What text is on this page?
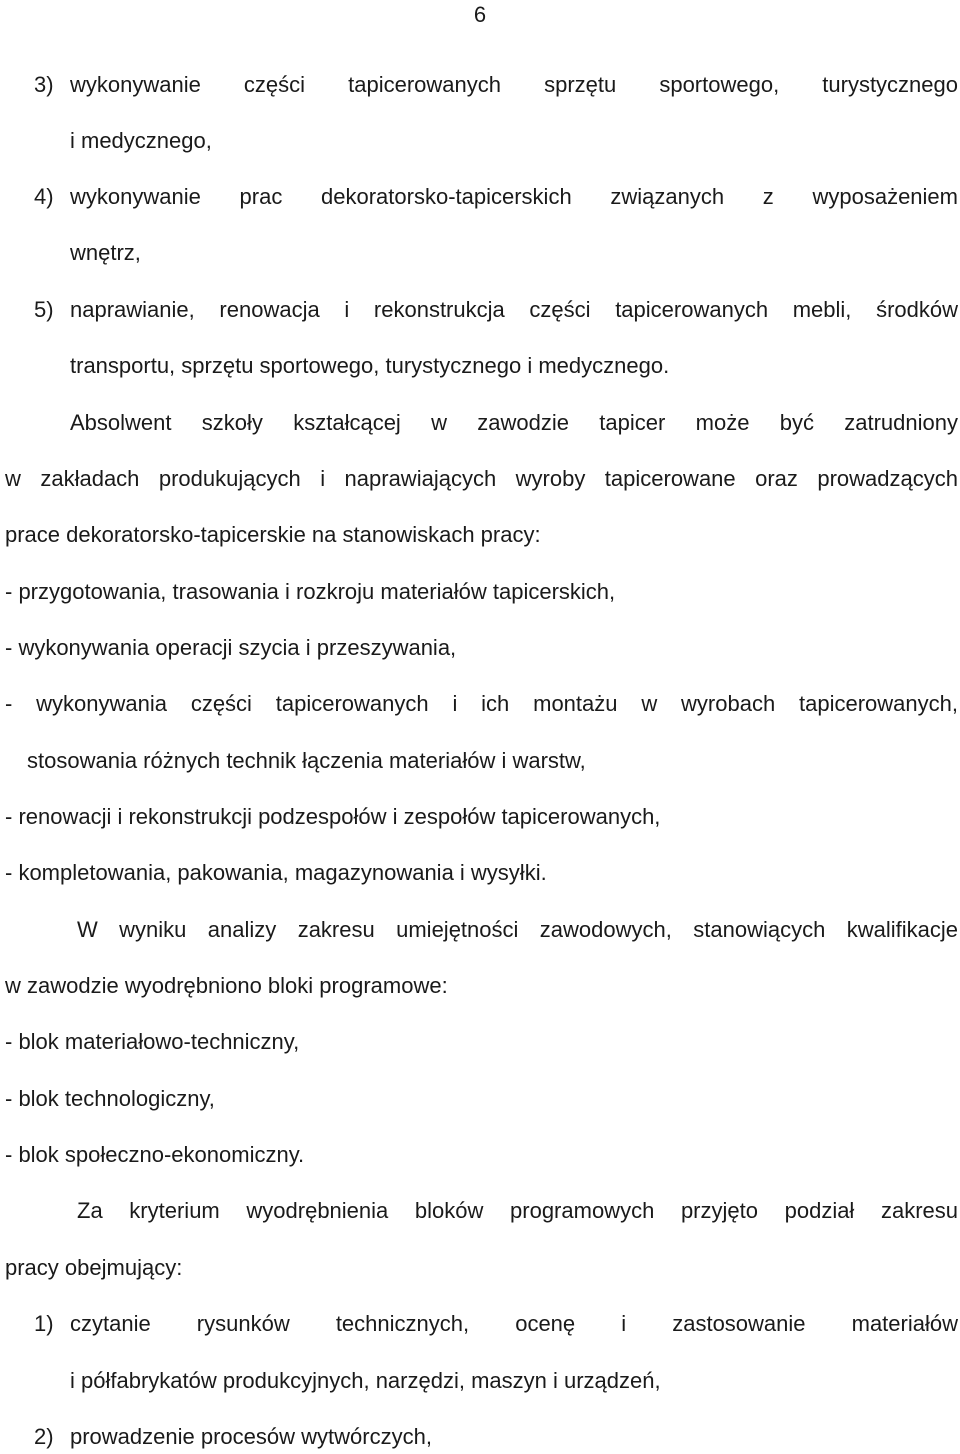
6
3) wykonywanie części tapicerowanych sprzętu sportowego, turystycznego
i medycznego,
4) wykonywanie prac dekoratorsko-tapicerskich związanych z wyposażeniem
wnętrz,
5) naprawianie, renowacja i rekonstrukcja części tapicerowanych mebli, środków
transportu, sprzętu sportowego, turystycznego i medycznego.
Absolwent szkoły kształcącej w zawodzie tapicer może być zatrudniony
w zakładach produkujących i naprawiających wyroby tapicerowane oraz prowadzących
prace dekoratorsko-tapicerskie na stanowiskach pracy:
- przygotowania, trasowania i rozkroju materiałów tapicerskich,
- wykonywania operacji szycia i przeszywania,
- wykonywania części tapicerowanych i ich montażu w wyrobach tapicerowanych,
stosowania różnych technik łączenia materiałów i warstw,
- renowacji i rekonstrukcji podzespołów i zespołów tapicerowanych,
- kompletowania, pakowania, magazynowania i wysyłki.
W wyniku analizy zakresu umiejętności zawodowych, stanowiących kwalifikacje
w zawodzie wyodrębniono bloki programowe:
- blok materiałowo-techniczny,
- blok technologiczny,
- blok społeczno-ekonomiczny.
Za kryterium wyodrębnienia bloków programowych przyjęto podział zakresu
pracy obejmujący:
1) czytanie rysunków technicznych, ocenę i zastosowanie materiałów
i półfabrykatów produkcyjnych, narzędzi, maszyn i urządzeń,
2) prowadzenie procesów wytwórczych,
